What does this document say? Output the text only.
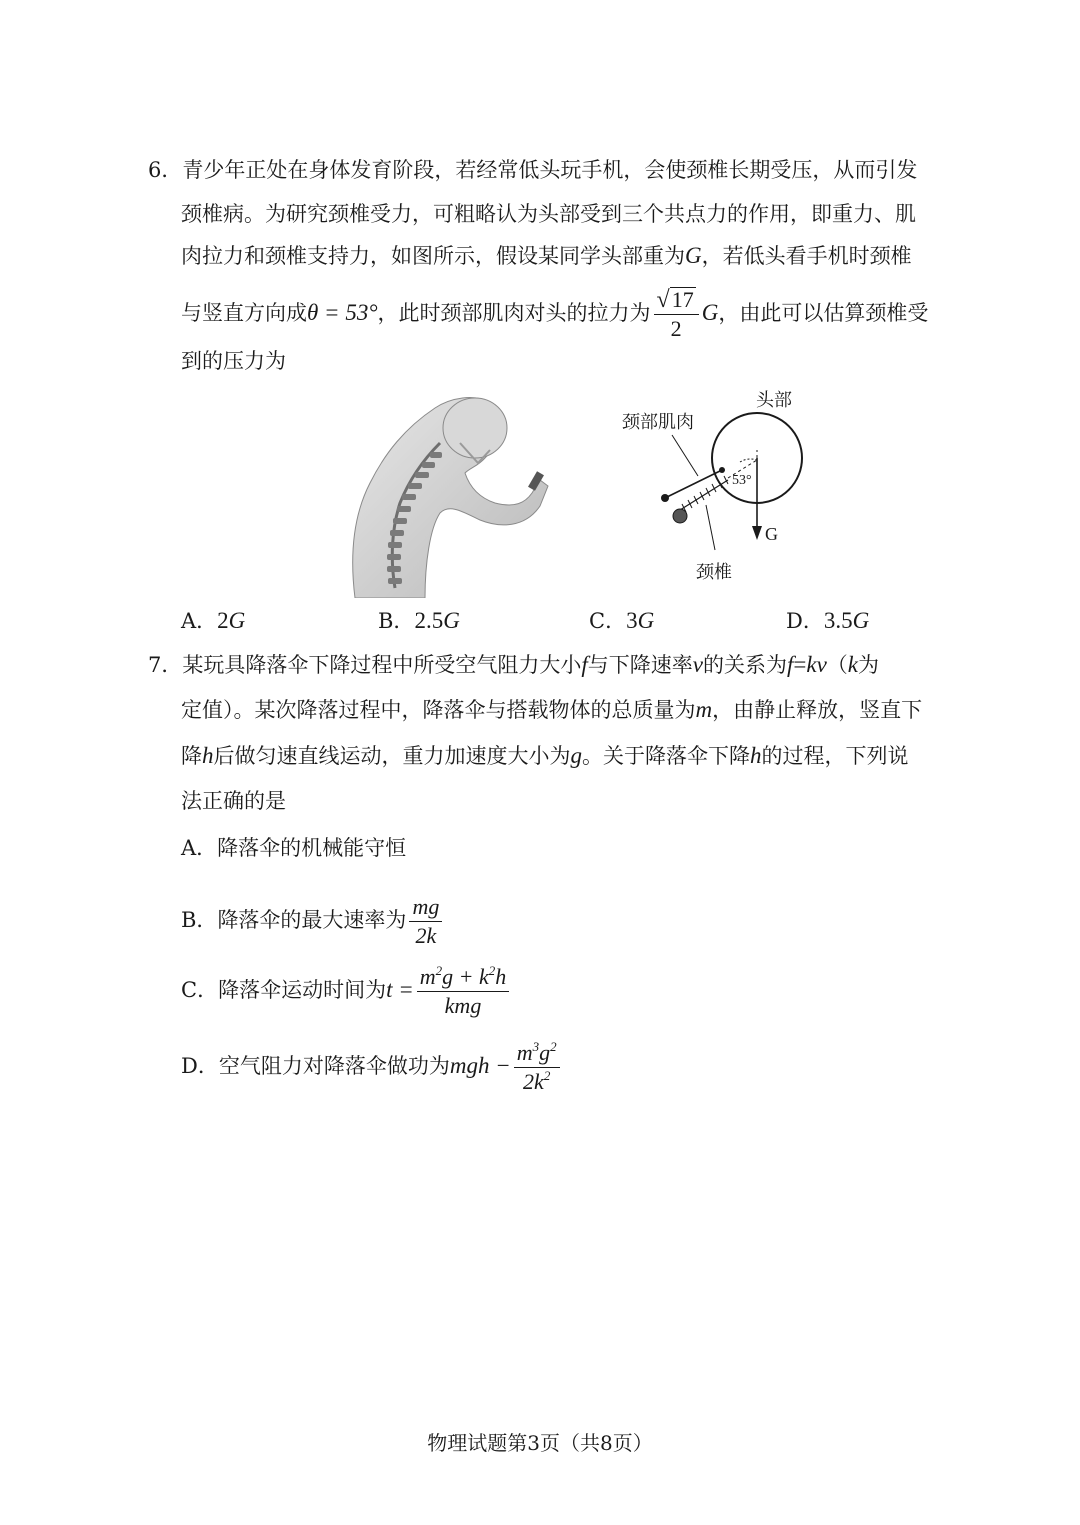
6．青少年正处在身体发育阶段，若经常低头玩手机，会使颈椎长期受压，从而引发
颈椎病。为研究颈椎受力，可粗略认为头部受到三个共点力的作用，即重力、肌
肉拉力和颈椎支持力，如图所示，假设某同学头部重为G，若低头看手机时颈椎
与竖直方向成θ = 53°，此时颈部肌肉对头的拉力为 $\frac{√ 17}{2}$ G，由此可以估算颈椎受
到的压力为
头部
颈部肌肉
53°
G
颈椎
A．2G	B．2.5G	C．3G	D．3.5G
7．某玩具降落伞下降过程中所受空气阻力大小f与下降速率v的关系为f=kv（k为
定值）。某次降落过程中，降落伞与搭载物体的总质量为m，由静止释放，竖直下
降h后做匀速直线运动，重力加速度大小为g。关于降落伞下降h的过程，下列说
法正确的是
A．降落伞的机械能守恒
B．降落伞的最大速率为 $\frac{mg}{2k}$
C．降落伞运动时间为$t = \frac{m^2g + k^2h}{\text{kmg}}$
D．空气阻力对降落伞做功为mgh − $\frac{m^3g^2}{2k^2}$
物理试题第3页（共8页）
